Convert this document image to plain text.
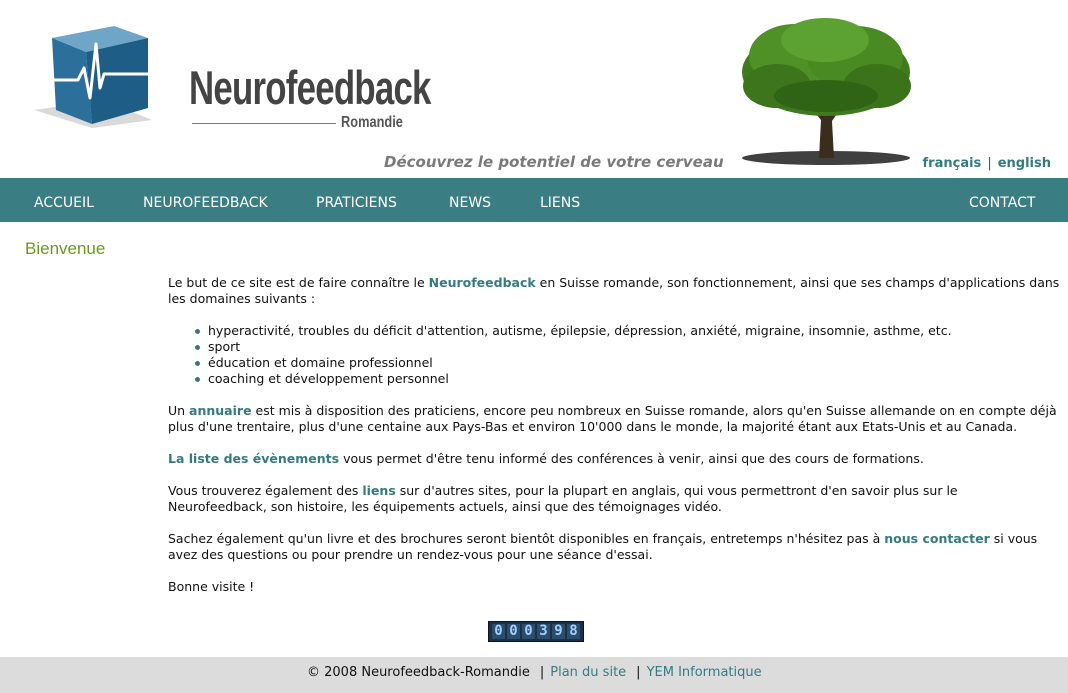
Neurofeedback
Romandie
Découvrez le potentiel de votre cerveau	français | english
ACCUEIL	NEUROFEEDBACK	PRATICIENS	NEWS	LIENS	CONTACT
Bienvenue

Le but de ce site est de faire connaître le Neurofeedback en Suisse romande, son fonctionnement, ainsi que ses champs d'applications dans les domaines suivants :

hyperactivité, troubles du déficit d'attention, autisme, épilepsie, dépression, anxiété, migraine, insomnie, asthme, etc.
sport
éducation et domaine professionnel
coaching et développement personnel

Un annuaire est mis à disposition des praticiens, encore peu nombreux en Suisse romande, alors qu'en Suisse allemande on en compte déjà plus d'une trentaire, plus d'une centaine aux Pays-Bas et environ 10'000 dans le monde, la majorité étant aux Etats-Unis et au Canada.

La liste des évènements vous permet d'être tenu informé des conférences à venir, ainsi que des cours de formations.

Vous trouverez également des liens sur d'autres sites, pour la plupart en anglais, qui vous permettront d'en savoir plus sur le Neurofeedback, son histoire, les équipements actuels, ainsi que des témoignages vidéo.

Sachez également qu'un livre et des brochures seront bientôt disponibles en français, entretemps n'hésitez pas à nous contacter si vous avez des questions ou pour prendre un rendez-vous pour une séance d'essai.

Bonne visite !

0 0 0 3 9 8
© 2008 Neurofeedback-Romandie | Plan du site | YEM Informatique
